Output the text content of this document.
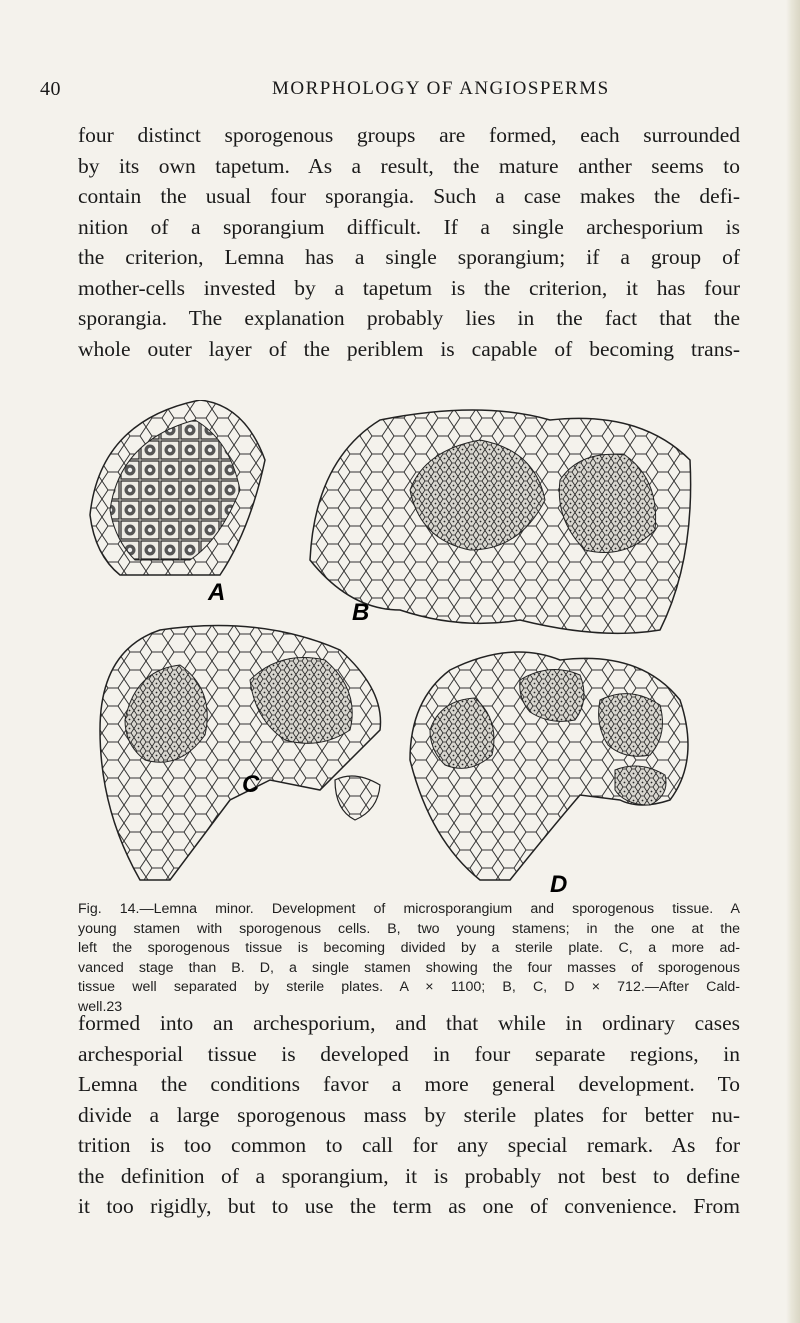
40	MORPHOLOGY OF ANGIOSPERMS
four distinct sporogenous groups are formed, each surrounded
by its own tapetum. As a result, the mature anther seems to
contain the usual four sporangia. Such a case makes the defi-
nition of a sporangium difficult. If a single archesporium is
the criterion, Lemna has a single sporangium; if a group of
mother-cells invested by a tapetum is the criterion, it has four
sporangia. The explanation probably lies in the fact that the
whole outer layer of the periblem is capable of becoming trans-
A
B
C
D
Fig. 14.—Lemna minor. Development of microsporangium and sporogenous tissue. A
young stamen with sporogenous cells. B, two young stamens; in the one at the
left the sporogenous tissue is becoming divided by a sterile plate. C, a more ad-
vanced stage than B. D, a single stamen showing the four masses of sporogenous
tissue well separated by sterile plates. A × 1100; B, C, D × 712.—After Cald-
well.23
formed into an archesporium, and that while in ordinary cases
archesporial tissue is developed in four separate regions, in
Lemna the conditions favor a more general development. To
divide a large sporogenous mass by sterile plates for better nu-
trition is too common to call for any special remark. As for
the definition of a sporangium, it is probably not best to define
it too rigidly, but to use the term as one of convenience. From
